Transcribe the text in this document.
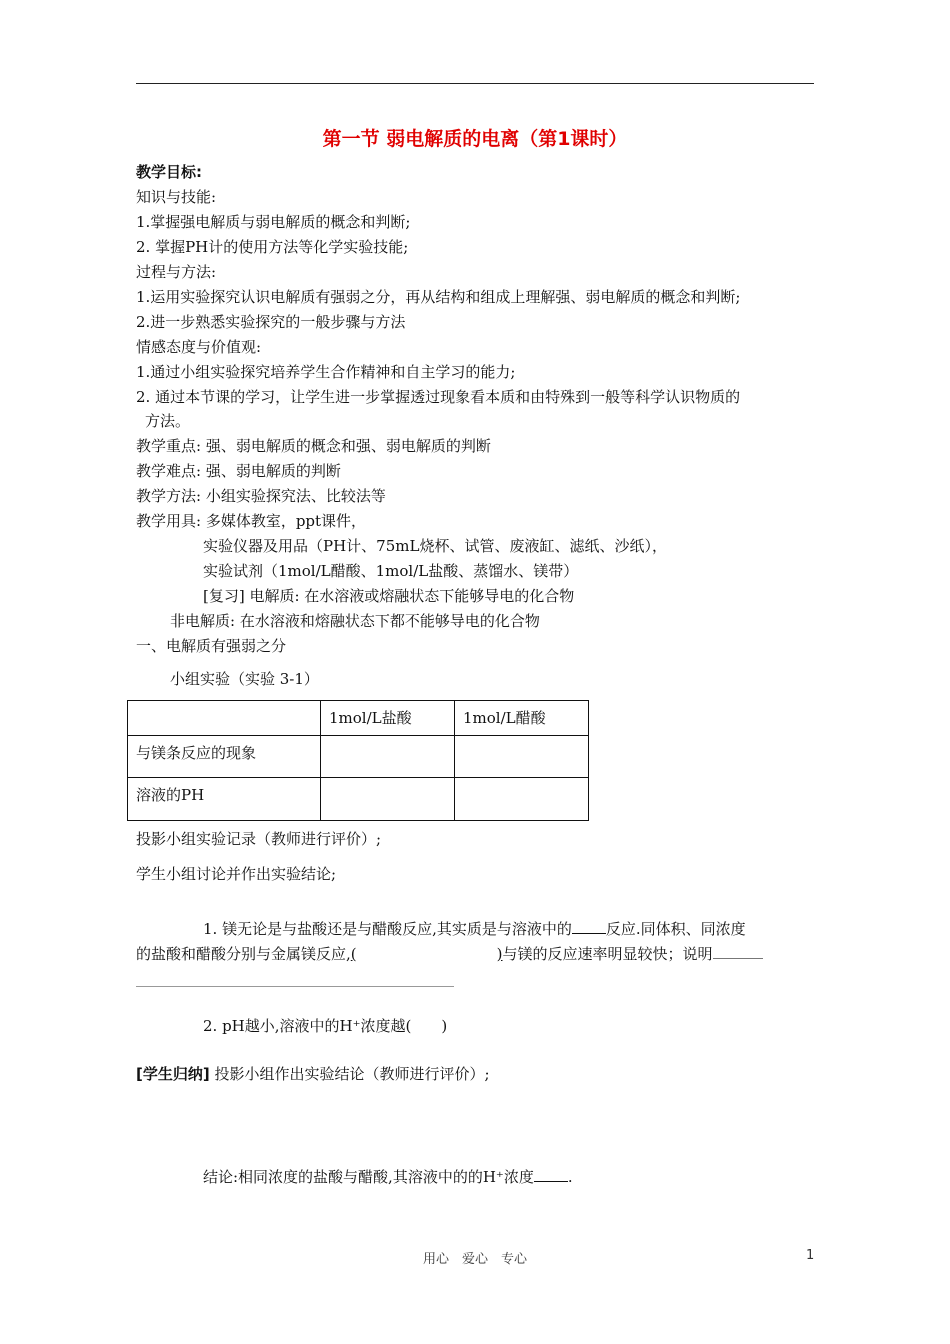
第一节 弱电解质的电离（第1课时）
教学目标:
知识与技能:
1.掌握强电解质与弱电解质的概念和判断;
2. 掌握PH计的使用方法等化学实验技能;
过程与方法:
1.运用实验探究认识电解质有强弱之分，再从结构和组成上理解强、弱电解质的概念和判断;
2.进一步熟悉实验探究的一般步骤与方法
情感态度与价值观:
1.通过小组实验探究培养学生合作精神和自主学习的能力;
2. 通过本节课的学习，让学生进一步掌握透过现象看本质和由特殊到一般等科学认识物质的
方法。
教学重点: 强、弱电解质的概念和强、弱电解质的判断
教学难点: 强、弱电解质的判断
教学方法: 小组实验探究法、比较法等
教学用具: 多媒体教室，ppt课件，
实验仪器及用品（PH计、75mL烧杯、试管、废液缸、滤纸、沙纸），
实验试剂（1mol/L醋酸、1mol/L盐酸、蒸馏水、镁带）
[复习] 电解质: 在水溶液或熔融状态下能够导电的化合物
非电解质: 在水溶液和熔融状态下都不能够导电的化合物
一、电解质有强弱之分
小组实验（实验 3-1）
	1mol/L盐酸	1mol/L醋酸
与镁条反应的现象		
溶液的PH		
投影小组实验记录（教师进行评价）;
学生小组讨论并作出实验结论;
1. 镁无论是与盐酸还是与醋酸反应,其实质是与溶液中的 反应.同体积、同浓度
的盐酸和醋酸分别与金属镁反应,(	)与镁的反应速率明显较快；说明
2. pH越小,溶液中的H⁺浓度越(　　)
[学生归纳] 投影小组作出实验结论（教师进行评价）;
结论:相同浓度的盐酸与醋酸,其溶液中的的H⁺浓度 .
用心　爱心　专心	1
